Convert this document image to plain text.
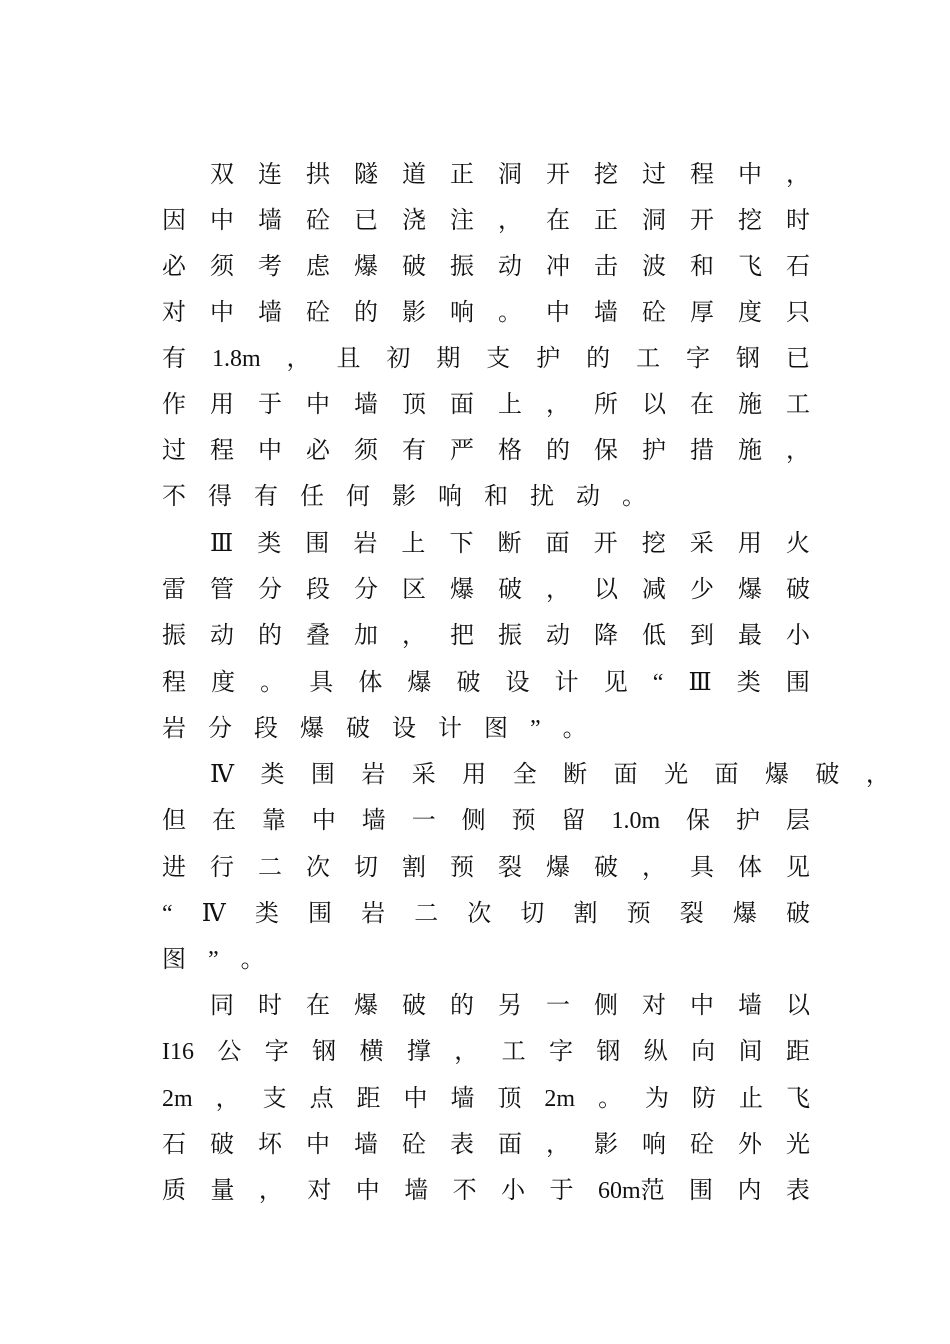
双 连 拱 隧 道 正 洞 开 挖 过 程 中 ，
因 中 墙 砼 已 浇 注 ， 在 正 洞 开 挖 时
必 须 考 虑 爆 破 振 动 冲 击 波 和 飞 石
对 中 墙 砼 的 影 响 。 中 墙 砼 厚 度 只
有 1.8m ， 且 初 期 支 护 的 工 字 钢 已
作 用 于 中 墙 顶 面 上 ， 所 以 在 施 工
过 程 中 必 须 有 严 格 的 保 护 措 施 ，
不 得 有 任 何 影 响 和 扰 动 。
Ⅲ 类 围 岩 上 下 断 面 开 挖 采 用 火
雷 管 分 段 分 区 爆 破 ， 以 减 少 爆 破
振 动 的 叠 加 ， 把 振 动 降 低 到 最 小
程 度 。 具 体 爆 破 设 计 见 “ Ⅲ 类 围
岩 分 段 爆 破 设 计 图 ” 。
Ⅳ 类 围 岩 采 用 全 断 面 光 面 爆 破 ，
但 在 靠 中 墙 一 侧 预 留 1.0m 保 护 层
进 行 二 次 切 割 预 裂 爆 破 ， 具 体 见
“ Ⅳ 类 围 岩 二 次 切 割 预 裂 爆 破
图 ” 。
同 时 在 爆 破 的 另 一 侧 对 中 墙 以
I16 公 字 钢 横 撑 ， 工 字 钢 纵 向 间 距
2m ， 支 点 距 中 墙 顶 2m 。 为 防 止 飞
石 破 坏 中 墙 砼 表 面 ， 影 响 砼 外 光
质 量 ， 对 中 墙 不 小 于 60m范 围 内 表
